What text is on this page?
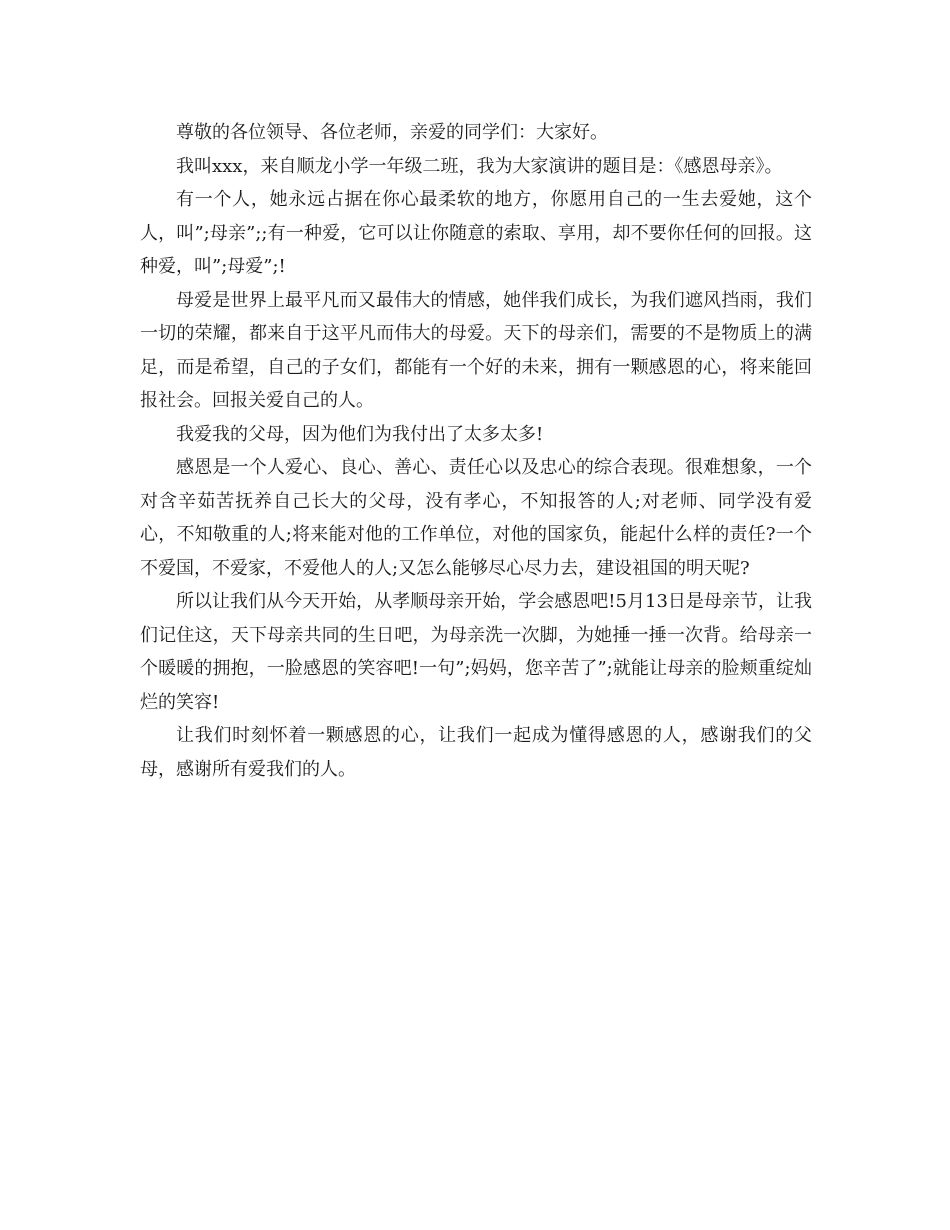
尊敬的各位领导、各位老师，亲爱的同学们：大家好。

我叫xxx，来自顺龙小学一年级二班，我为大家演讲的题目是：《感恩母亲》。

有一个人，她永远占据在你心最柔软的地方，你愿用自己的一生去爱她，这个人，叫”;母亲”;;有一种爱，它可以让你随意的索取、享用，却不要你任何的回报。这种爱，叫”;母爱”;!

母爱是世界上最平凡而又最伟大的情感，她伴我们成长，为我们遮风挡雨，我们一切的荣耀，都来自于这平凡而伟大的母爱。天下的母亲们，需要的不是物质上的满足，而是希望，自己的子女们，都能有一个好的未来，拥有一颗感恩的心，将来能回报社会。回报关爱自己的人。

我爱我的父母，因为他们为我付出了太多太多!

感恩是一个人爱心、良心、善心、责任心以及忠心的综合表现。很难想象，一个对含辛茹苦抚养自己长大的父母，没有孝心，不知报答的人;对老师、同学没有爱心，不知敬重的人;将来能对他的工作单位，对他的国家负，能起什么样的责任?一个不爱国，不爱家，不爱他人的人;又怎么能够尽心尽力去，建设祖国的明天呢?

所以让我们从今天开始，从孝顺母亲开始，学会感恩吧!5月13日是母亲节，让我们记住这，天下母亲共同的生日吧，为母亲洗一次脚，为她捶一捶一次背。给母亲一个暖暖的拥抱，一脸感恩的笑容吧!一句”;妈妈，您辛苦了”;就能让母亲的脸颊重绽灿烂的笑容!

让我们时刻怀着一颗感恩的心，让我们一起成为懂得感恩的人，感谢我们的父母，感谢所有爱我们的人。
